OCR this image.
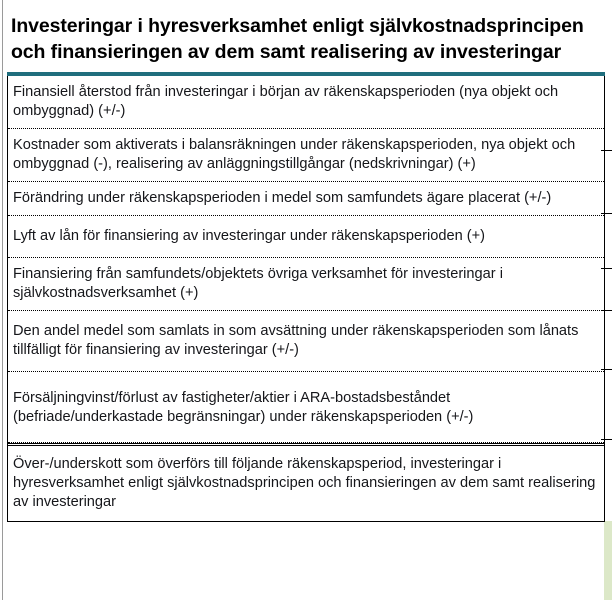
Investeringar i hyresverksamhet enligt självkostnadsprincipen och finansieringen av dem samt realisering av investeringar
Finansiell återstod från investeringar i början av räkenskapsperioden (nya objekt och ombyggnad) (+/-)
Kostnader som aktiverats i balansräkningen under räkenskapsperioden, nya objekt och ombyggnad (-), realisering av anläggningstillgångar (nedskrivningar) (+)
Förändring under räkenskapsperioden i medel som samfundets ägare placerat (+/-)
Lyft av lån för finansiering av investeringar under räkenskapsperioden (+)
Finansiering från samfundets/objektets övriga verksamhet för investeringar i självkostnadsverksamhet (+)
Den andel medel som samlats in som avsättning under räkenskapsperioden som lånats tillfälligt för finansiering av investeringar (+/-)
Försäljningvinst/förlust av fastigheter/aktier i ARA-bostadsbeståndet (befriade/underkastade begränsningar) under räkenskapsperioden (+/-)
Över-/underskott som överförs till följande räkenskapsperiod, investeringar i hyresverksamhet enligt självkostnadsprincipen och finansieringen av dem samt realisering av investeringar
